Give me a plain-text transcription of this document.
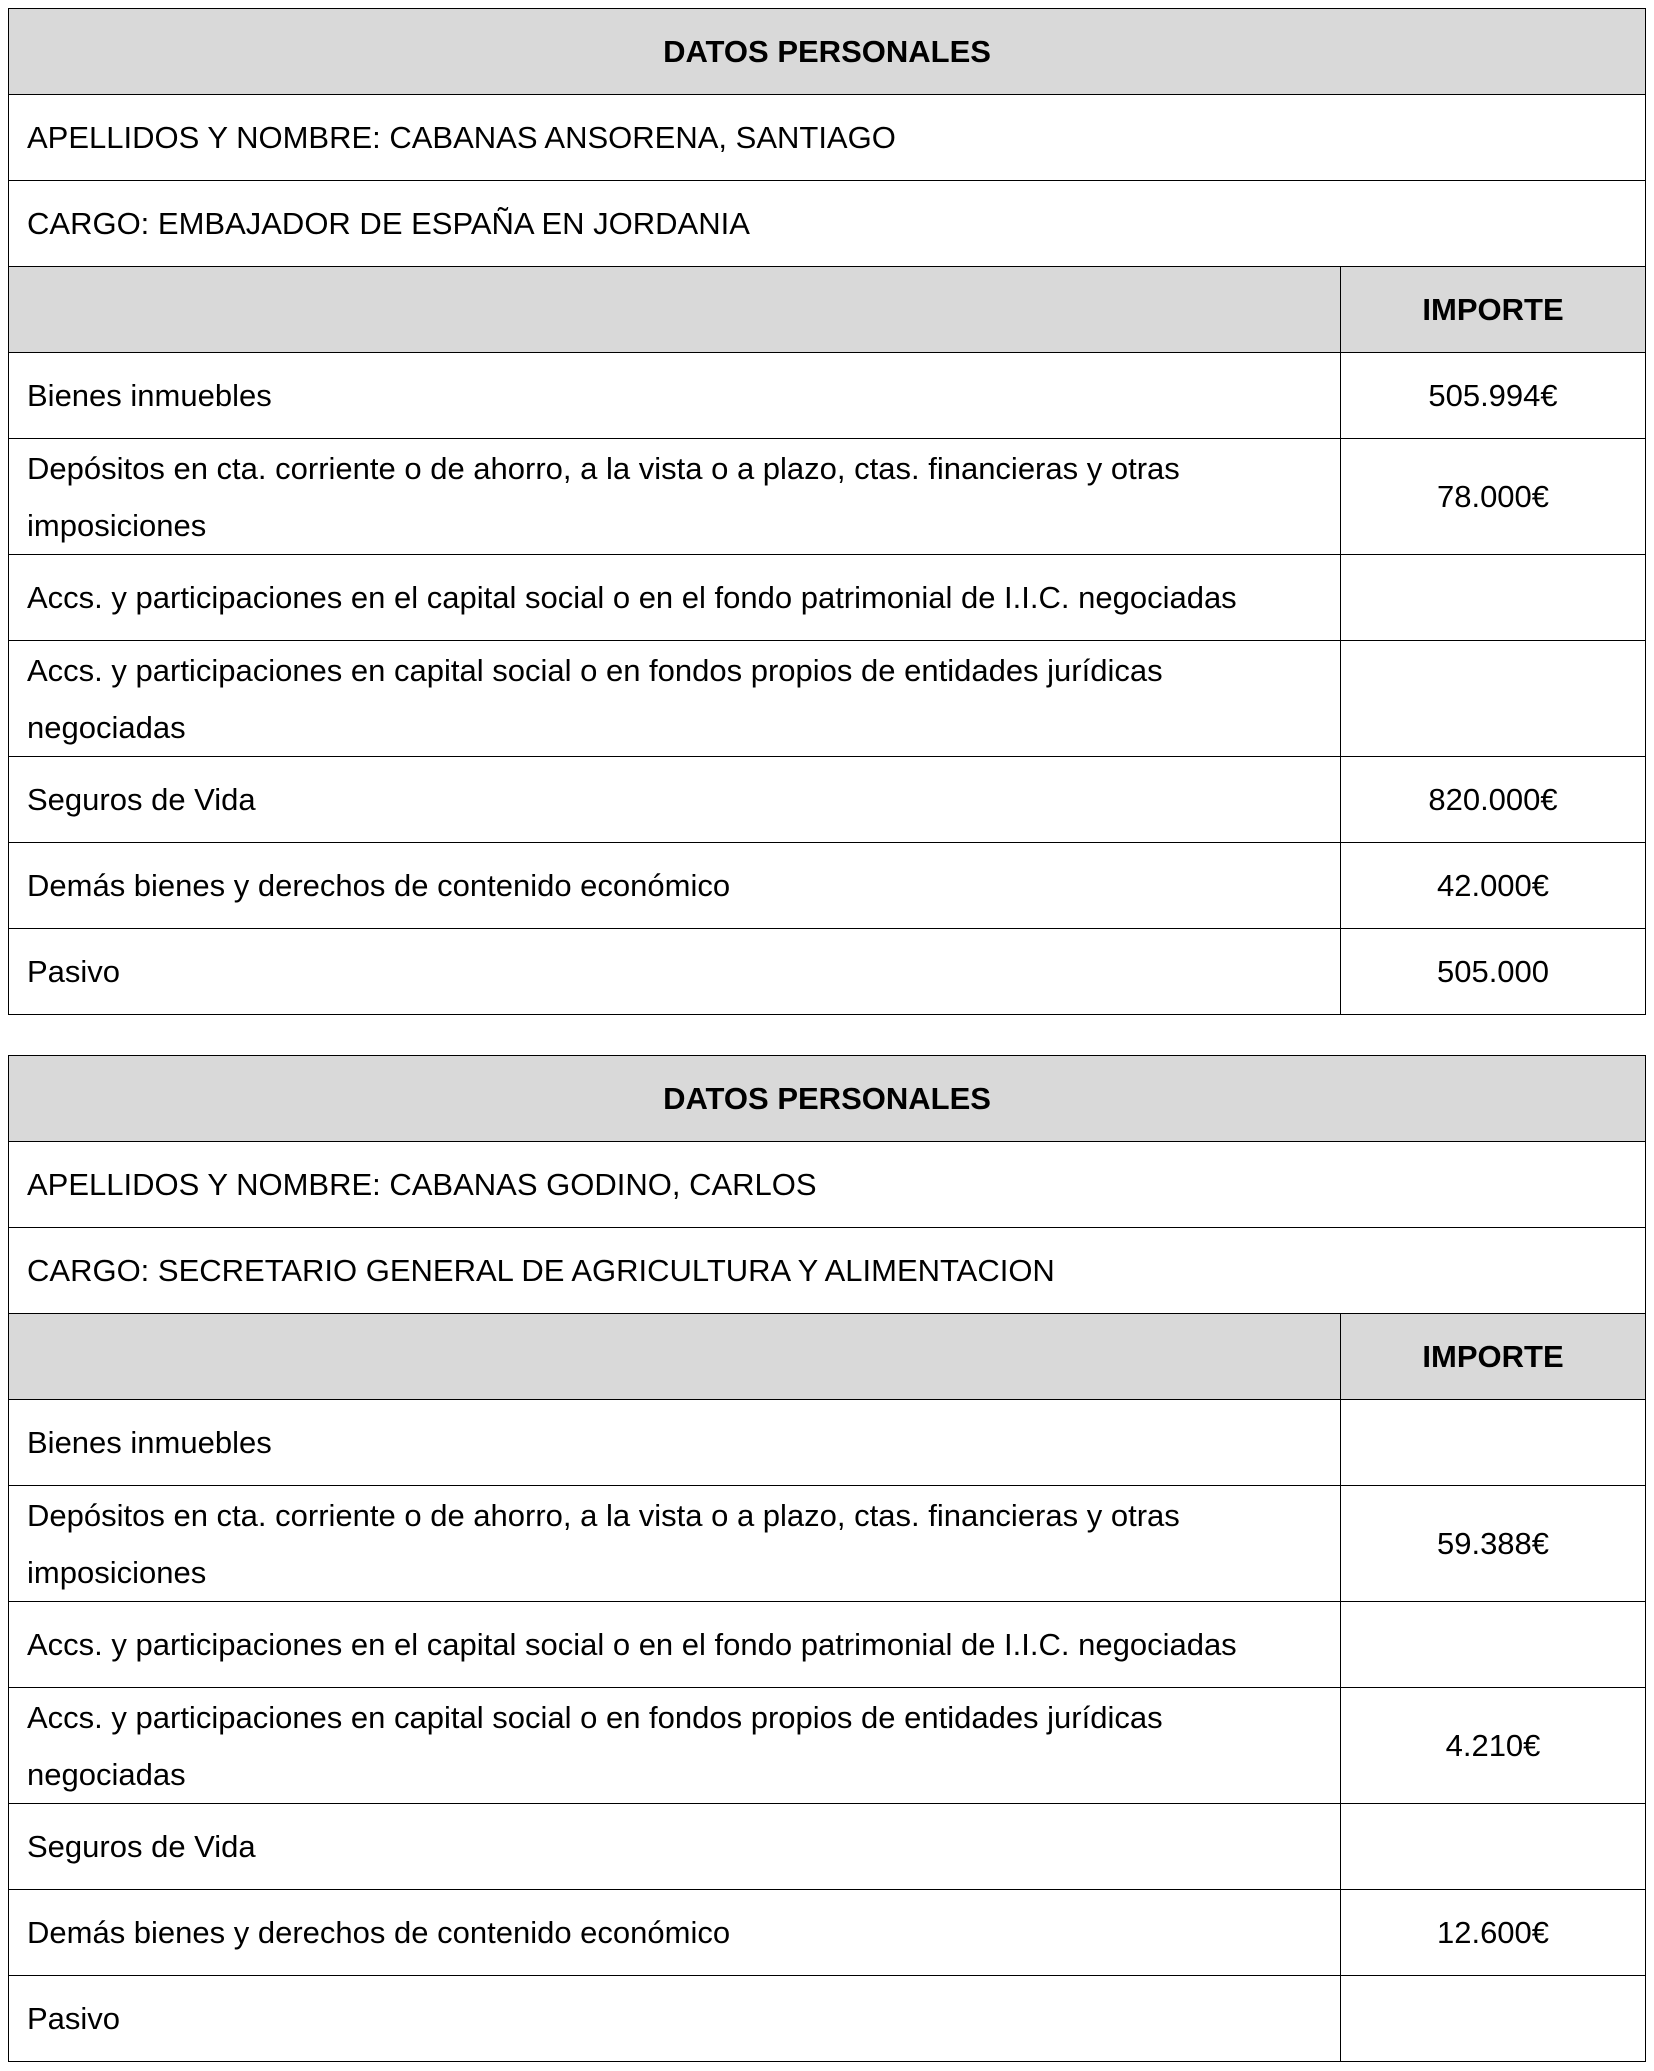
DATOS PERSONALES	
APELLIDOS Y NOMBRE: CABANAS ANSORENA, SANTIAGO	
CARGO: EMBAJADOR DE ESPAÑA EN JORDANIA	
	IMPORTE
Bienes inmuebles	505.994€
Depósitos en cta. corriente o de ahorro, a la vista o a plazo, ctas. financieras y otras imposiciones	78.000€
Accs. y participaciones en el capital social o en el fondo patrimonial de I.I.C. negociadas	
Accs. y participaciones en capital social o en fondos propios de entidades jurídicas negociadas	
Seguros de Vida	820.000€
Demás bienes y derechos de contenido económico	42.000€
Pasivo	505.000
DATOS PERSONALES	
APELLIDOS Y NOMBRE: CABANAS GODINO, CARLOS	
CARGO: SECRETARIO GENERAL DE AGRICULTURA Y ALIMENTACION	
	IMPORTE
Bienes inmuebles	
Depósitos en cta. corriente o de ahorro, a la vista o a plazo, ctas. financieras y otras imposiciones	59.388€
Accs. y participaciones en el capital social o en el fondo patrimonial de I.I.C. negociadas	
Accs. y participaciones en capital social o en fondos propios de entidades jurídicas negociadas	4.210€
Seguros de Vida	
Demás bienes y derechos de contenido económico	12.600€
Pasivo	
